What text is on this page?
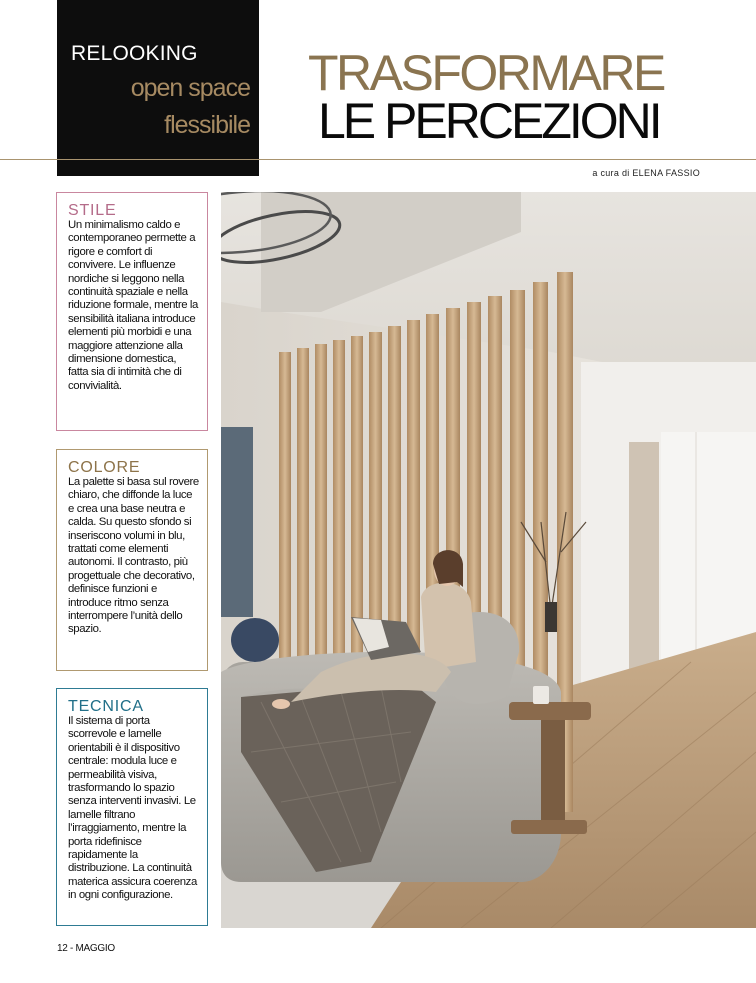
RELOOKING
open space
flessibile
TRASFORMARE
LE PERCEZIONI
a cura di ELENA FASSIO
STILE

Un minimalismo caldo e contemporaneo permette a rigore e comfort di convivere. Le influenze nordiche si leggono nella continuità spaziale e nella riduzione formale, mentre la sensibilità italiana introduce elementi più morbidi e una maggiore attenzione alla dimensione domestica, fatta sia di intimità che di convivialità.

COLORE

La palette si basa sul rovere chiaro, che diffonde la luce e crea una base neutra e calda. Su questo sfondo si inseriscono volumi in blu, trattati come elementi autonomi. Il contrasto, più progettuale che decorativo, definisce funzioni e introduce ritmo senza interrompere l’unità dello spazio.

TECNICA

Il sistema di porta scorrevole e lamelle orientabili è il dispositivo centrale: modula luce e permeabilità visiva, trasformando lo spazio senza interventi invasivi. Le lamelle filtrano l’irraggiamento, mentre la porta ridefinisce rapidamente la distribuzione. La continuità materica assicura coerenza in ogni configurazione.

12 - MAGGIO
